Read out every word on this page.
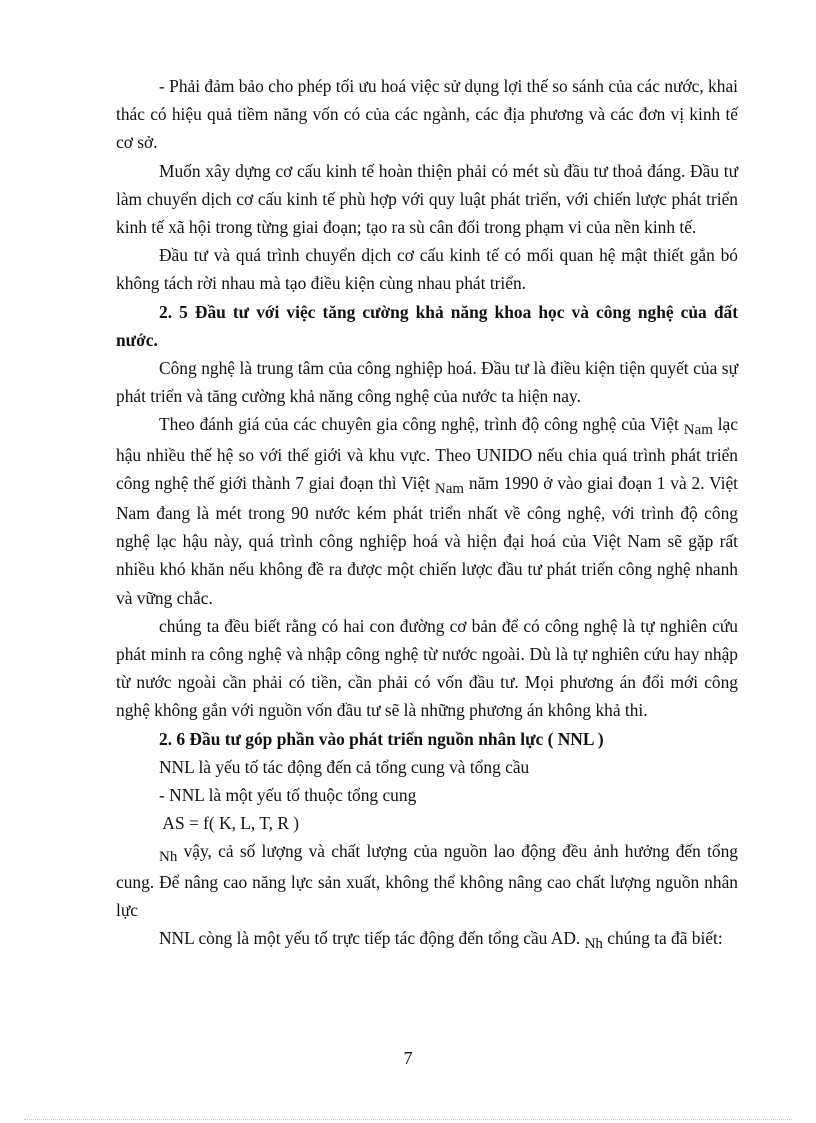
- Phải đảm bảo cho phép tối ưu hoá việc sử dụng lợi thế so sánh của các nước, khai thác có hiệu quả tiềm năng vốn có của các ngành, các địa phương và các đơn vị kinh tế cơ sở.

Muốn xây dựng cơ cấu kinh tế hoàn thiện phải có mét sù đầu tư thoả đáng. Đầu tư làm chuyển dịch cơ cấu kinh tế phù hợp với quy luật phát triển, với chiến lược phát triển kinh tế xã hội trong từng giai đoạn; tạo ra sù cân đối trong phạm vi của nền kinh tế.

Đầu tư và quá trình chuyển dịch cơ cấu kinh tế có mối quan hệ mật thiết gắn bó không tách rời nhau mà tạo điều kiện cùng nhau phát triển.

2. 5 Đầu tư với việc tăng cường khả năng khoa học và công nghệ của đất nước.

Công nghệ là trung tâm của công nghiệp hoá. Đầu tư là điều kiện tiện quyết của sự phát triển và tăng cường khả năng công nghệ của nước ta hiện nay.

Theo đánh giá của các chuyên gia công nghệ, trình độ công nghệ của Việt Nam lạc hậu nhiều thế hệ so với thế giới và khu vực. Theo UNIDO nếu chia quá trình phát triển công nghệ thế giới thành 7 giai đoạn thì Việt Nam năm 1990 ở vào giai đoạn 1 và 2. Việt Nam đang là mét trong 90 nước kém phát triển nhất về công nghệ, với trình độ công nghệ lạc hậu này, quá trình công nghiệp hoá và hiện đại hoá của Việt Nam sẽ gặp rất nhiều khó khăn nếu không đề ra được một chiến lược đầu tư phát triển công nghệ nhanh và vững chắc.

chúng ta đều biết rằng có hai con đường cơ bản để có công nghệ là tự nghiên cứu phát minh ra công nghệ và nhập công nghệ từ nước ngoài. Dù là tự nghiên cứu hay nhập từ nước ngoài cần phải có tiền, cần phải có vốn đầu tư. Mọi phương án đổi mới công nghệ không gắn với nguồn vốn đầu tư sẽ là những phương án không khả thi.

2. 6 Đầu tư góp phần vào phát triển nguồn nhân lực ( NNL )

NNL là yếu tố tác động đến cả tổng cung và tổng cầu

- NNL là một yếu tố thuộc tổng cung

AS = f( K, L, T, R )

Nh vậy, cả số lượng và chất lượng của nguồn lao động đều ảnh hưởng đến tổng cung. Để nâng cao năng lực sản xuất, không thể không nâng cao chất lượng nguồn nhân lực

NNL còng là một yếu tố trực tiếp tác động đến tổng cầu AD. Nh chúng ta đã biết:

7
